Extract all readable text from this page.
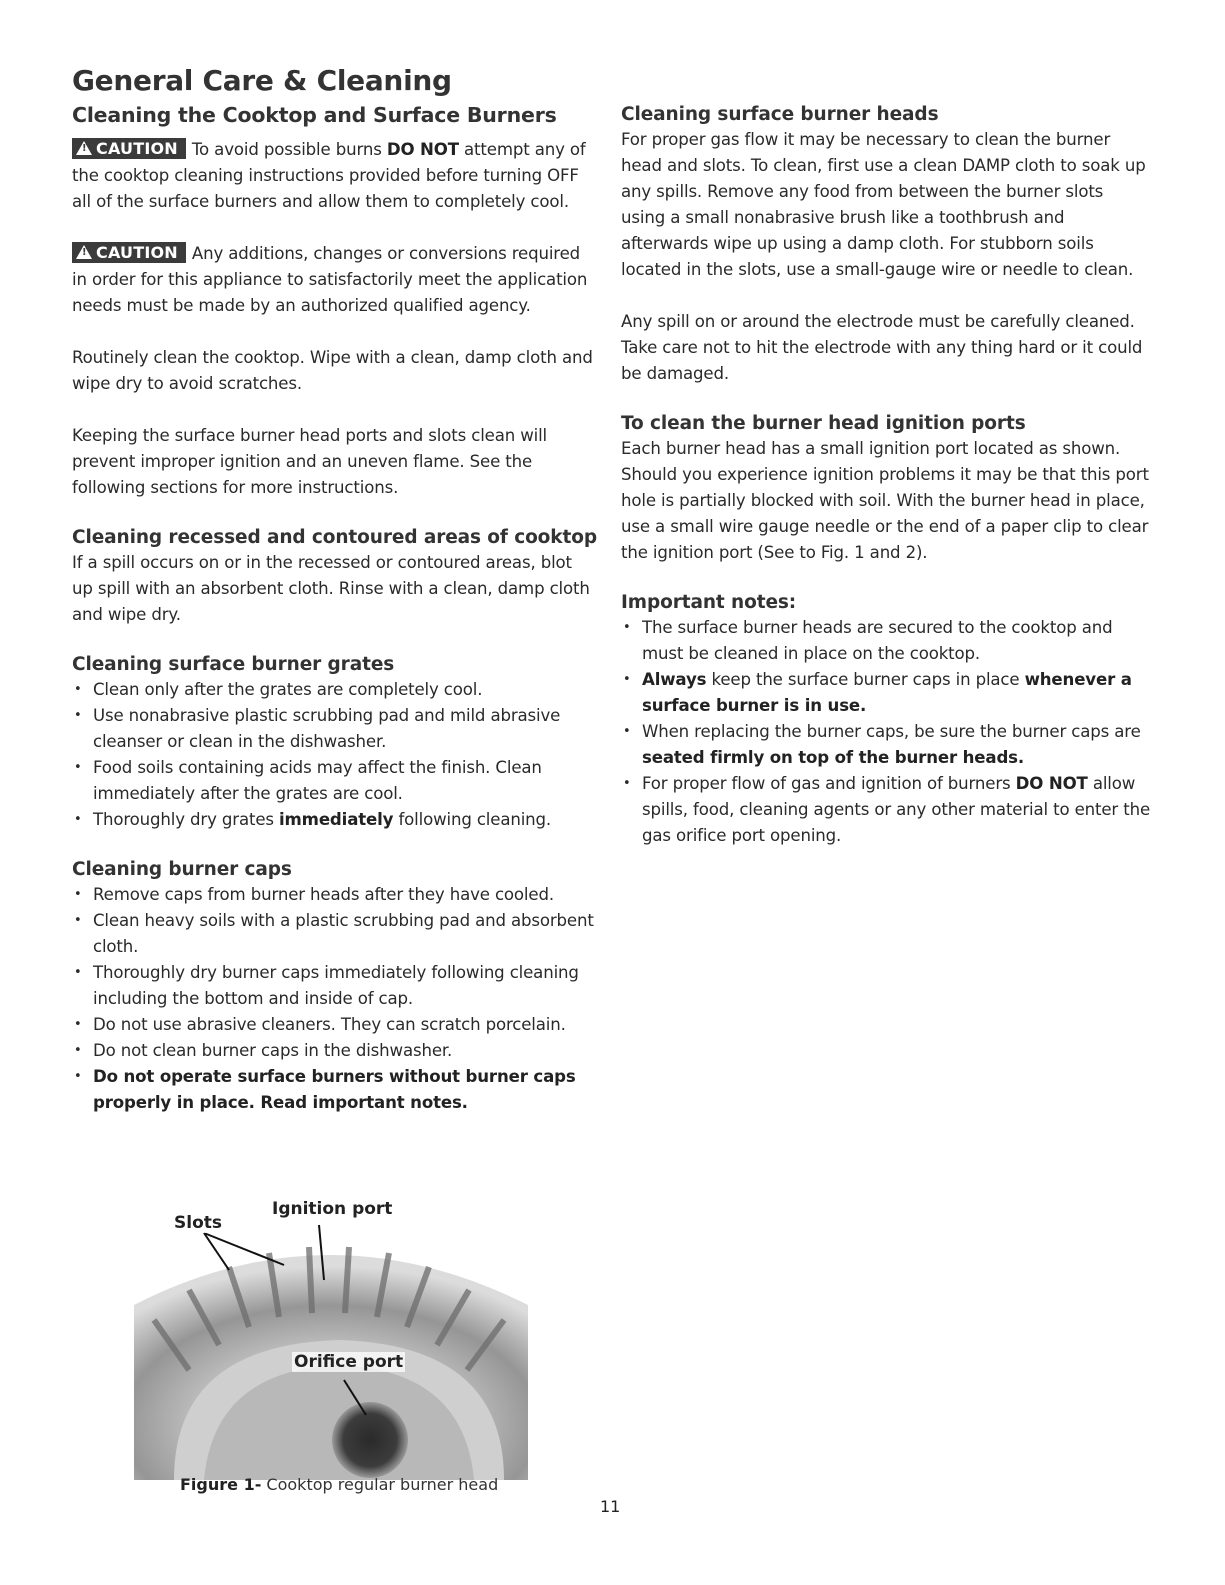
General Care & Cleaning
Cleaning the Cooktop and Surface Burners

! CAUTION To avoid possible burns DO NOT attempt any of the cooktop cleaning instructions provided before turning OFF all of the surface burners and allow them to completely cool.

! CAUTION Any additions, changes or conversions required in order for this appliance to satisfactorily meet the application needs must be made by an authorized qualified agency.

Routinely clean the cooktop. Wipe with a clean, damp cloth and wipe dry to avoid scratches.

Keeping the surface burner head ports and slots clean will prevent improper ignition and an uneven flame. See the following sections for more instructions.

Cleaning recessed and contoured areas of cooktop

If a spill occurs on or in the recessed or contoured areas, blot up spill with an absorbent cloth. Rinse with a clean, damp cloth and wipe dry.

Cleaning surface burner grates
• Clean only after the grates are completely cool.
• Use nonabrasive plastic scrubbing pad and mild abrasive cleanser or clean in the dishwasher.
• Food soils containing acids may affect the finish. Clean immediately after the grates are cool.
• Thoroughly dry grates immediately following cleaning.
Cleaning burner caps
• Remove caps from burner heads after they have cooled.
• Clean heavy soils with a plastic scrubbing pad and absorbent cloth.
• Thoroughly dry burner caps immediately following cleaning including the bottom and inside of cap.
• Do not use abrasive cleaners. They can scratch porcelain.
• Do not clean burner caps in the dishwasher.
• Do not operate surface burners without burner caps properly in place. Read important notes.
Cleaning surface burner heads

For proper gas flow it may be necessary to clean the burner head and slots. To clean, first use a clean DAMP cloth to soak up any spills. Remove any food from between the burner slots using a small nonabrasive brush like a toothbrush and afterwards wipe up using a damp cloth. For stubborn soils located in the slots, use a small-gauge wire or needle to clean.

Any spill on or around the electrode must be carefully cleaned. Take care not to hit the electrode with any thing hard or it could be damaged.

To clean the burner head ignition ports

Each burner head has a small ignition port located as shown. Should you experience ignition problems it may be that this port hole is partially blocked with soil. With the burner head in place, use a small wire gauge needle or the end of a paper clip to clear the ignition port (See to Fig. 1 and 2).

Important notes:
• The surface burner heads are secured to the cooktop and must be cleaned in place on the cooktop.
• Always keep the surface burner caps in place whenever a surface burner is in use.
• When replacing the burner caps, be sure the burner caps are seated firmly on top of the burner heads.
• For proper flow of gas and ignition of burners DO NOT allow spills, food, cleaning agents or any other material to enter the gas orifice port opening.
Slots
Ignition port
Orifice port
Figure 1- Cooktop regular burner head
11
